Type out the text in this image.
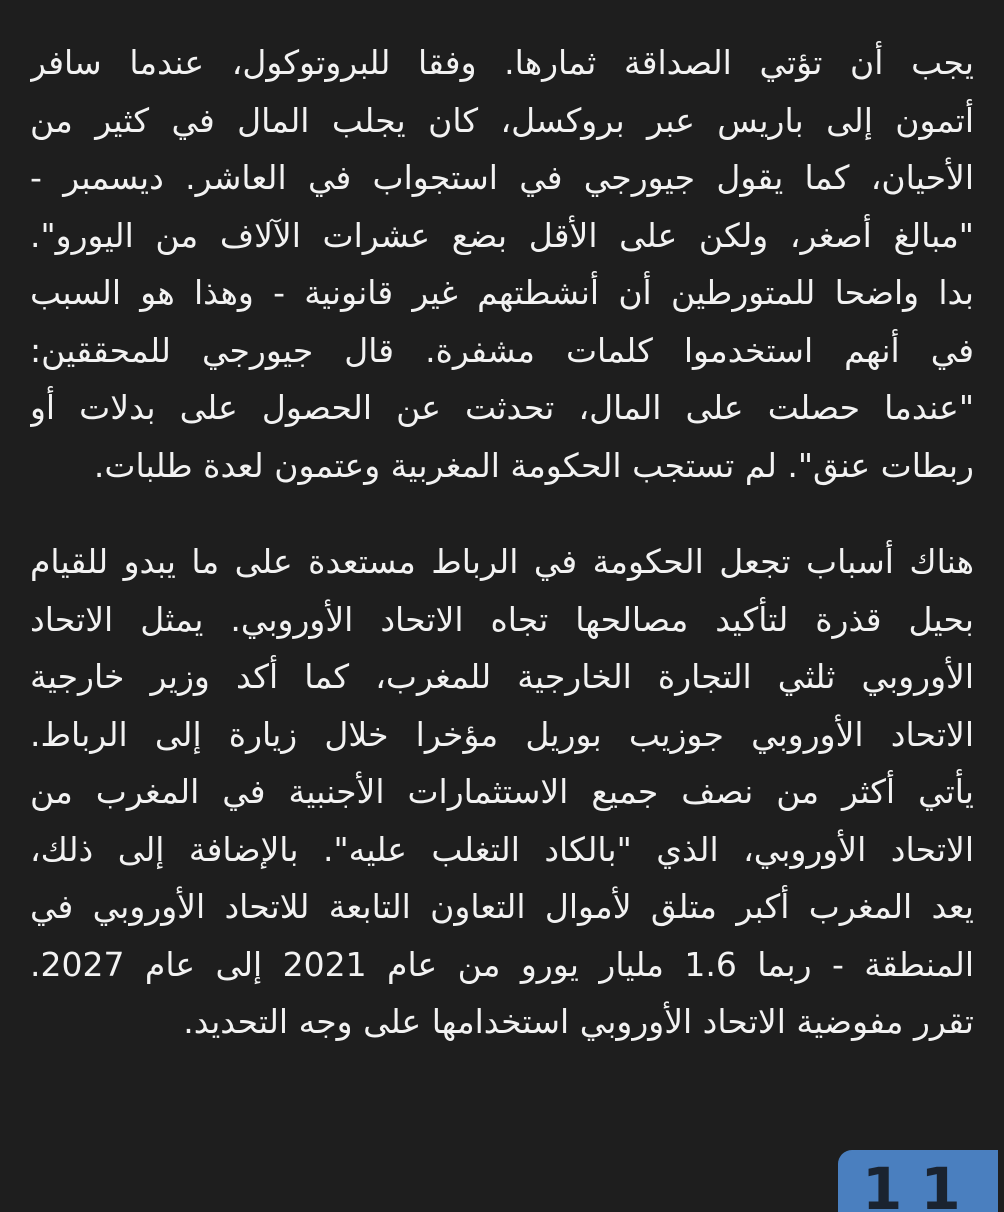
يجب أن تؤتي الصداقة ثمارها. وفقا للبروتوكول، عندما سافر
أتمون إلى باريس عبر بروكسل، كان يجلب المال في كثير من
الأحيان، كما يقول جيورجي في استجواب في العاشر. ديسمبر -
"مبالغ أصغر، ولكن على الأقل بضع عشرات الآلاف من اليورو".
بدا واضحا للمتورطين أن أنشطتهم غير قانونية - وهذا هو السبب
في أنهم استخدموا كلمات مشفرة. قال جيورجي للمحققين:
"عندما حصلت على المال، تحدثت عن الحصول على بدلات أو
ربطات عنق". لم تستجب الحكومة المغربية وعتمون لعدة طلبات.

هناك أسباب تجعل الحكومة في الرباط مستعدة على ما يبدو للقيام
بحيل قذرة لتأكيد مصالحها تجاه الاتحاد الأوروبي. يمثل الاتحاد
الأوروبي ثلثي التجارة الخارجية للمغرب، كما أكد وزير خارجية
الاتحاد الأوروبي جوزيب بوريل مؤخرا خلال زيارة إلى الرباط.
يأتي أكثر من نصف جميع الاستثمارات الأجنبية في المغرب من
الاتحاد الأوروبي، الذي "بالكاد التغلب عليه". بالإضافة إلى ذلك،
يعد المغرب أكبر متلق لأموال التعاون التابعة للاتحاد الأوروبي في
المنطقة - ربما 1.6 مليار يورو من عام 2021 إلى عام 2027.
تقرر مفوضية الاتحاد الأوروبي استخدامها على وجه التحديد.

11
